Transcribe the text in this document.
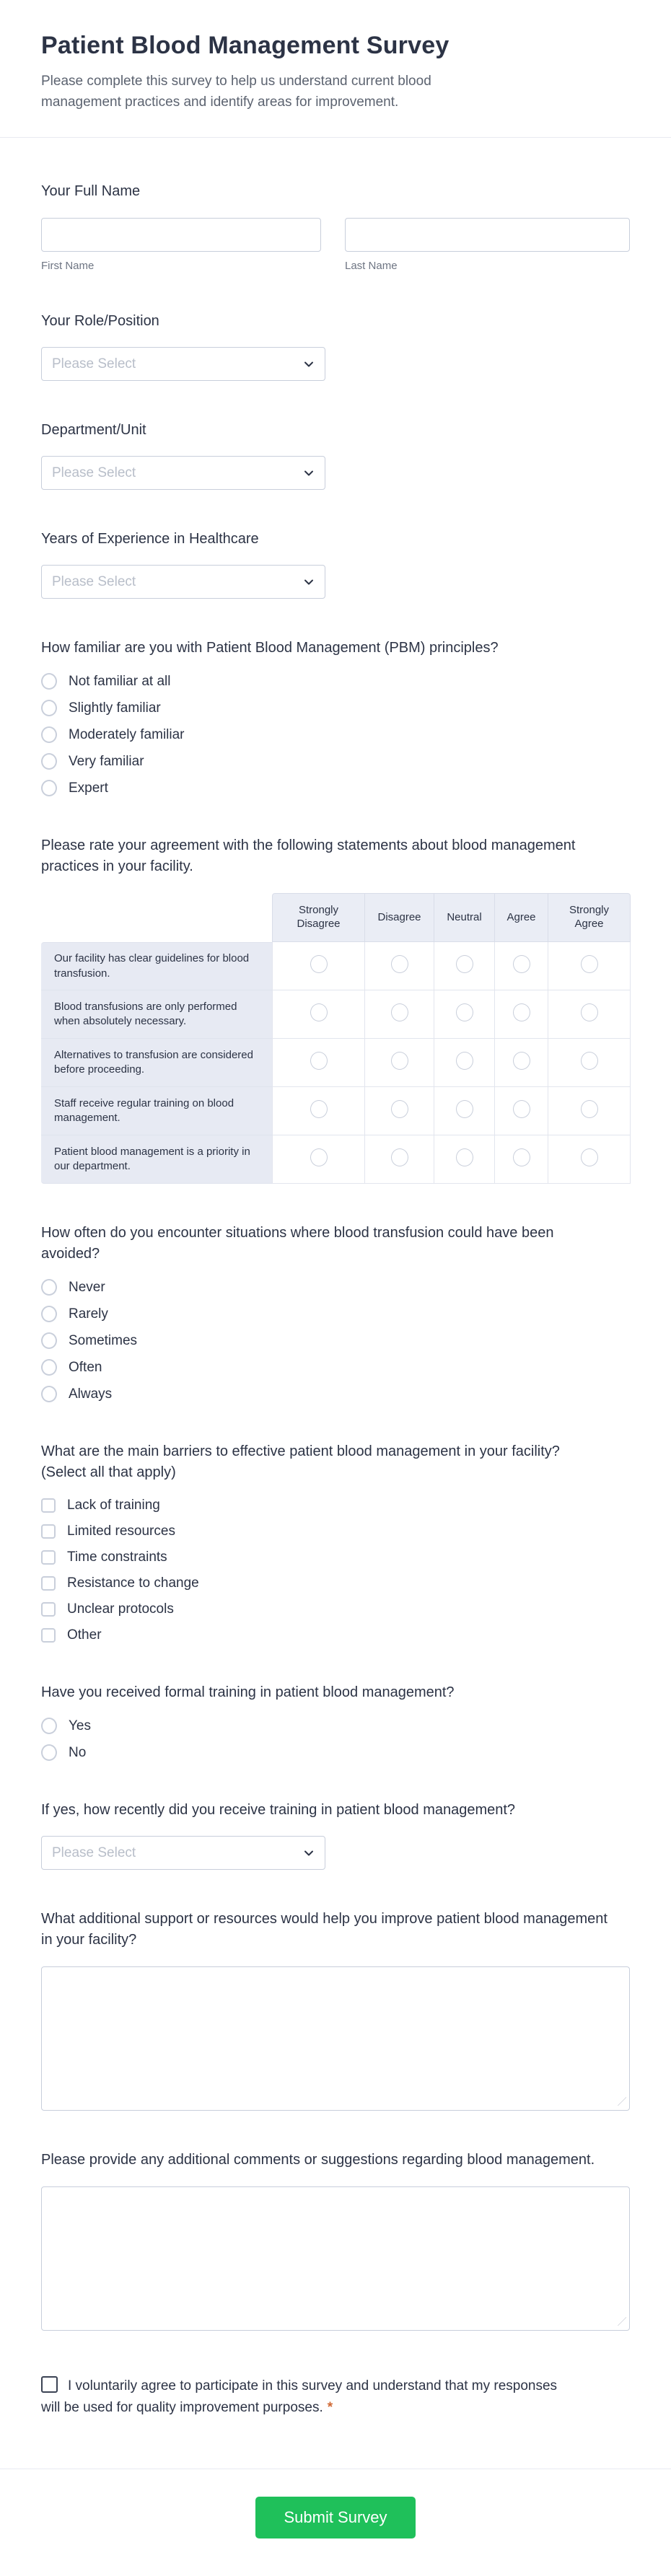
Patient Blood Management Survey
Please complete this survey to help us understand current blood management practices and identify areas for improvement.
Your Full Name
First Name	Last Name
Your Role/Position
Please Select
Department/Unit
Please Select
Years of Experience in Healthcare
Please Select
How familiar are you with Patient Blood Management (PBM) principles?
Not familiar at all
Slightly familiar
Moderately familiar
Very familiar
Expert
Please rate your agreement with the following statements about blood management practices in your facility.
	Strongly Disagree	Disagree	Neutral	Agree	Strongly Agree
Our facility has clear guidelines for blood transfusion.					
Blood transfusions are only performed when absolutely necessary.					
Alternatives to transfusion are considered before proceeding.					
Staff receive regular training on blood management.					
Patient blood management is a priority in our department.					
How often do you encounter situations where blood transfusion could have been avoided?
Never
Rarely
Sometimes
Often
Always
What are the main barriers to effective patient blood management in your facility? (Select all that apply)
Lack of training
Limited resources
Time constraints
Resistance to change
Unclear protocols
Other
Have you received formal training in patient blood management?
Yes
No
If yes, how recently did you receive training in patient blood management?
Please Select
What additional support or resources would help you improve patient blood management in your facility?
Please provide any additional comments or suggestions regarding blood management.
I voluntarily agree to participate in this survey and understand that my responses will be used for quality improvement purposes. *
Submit Survey
